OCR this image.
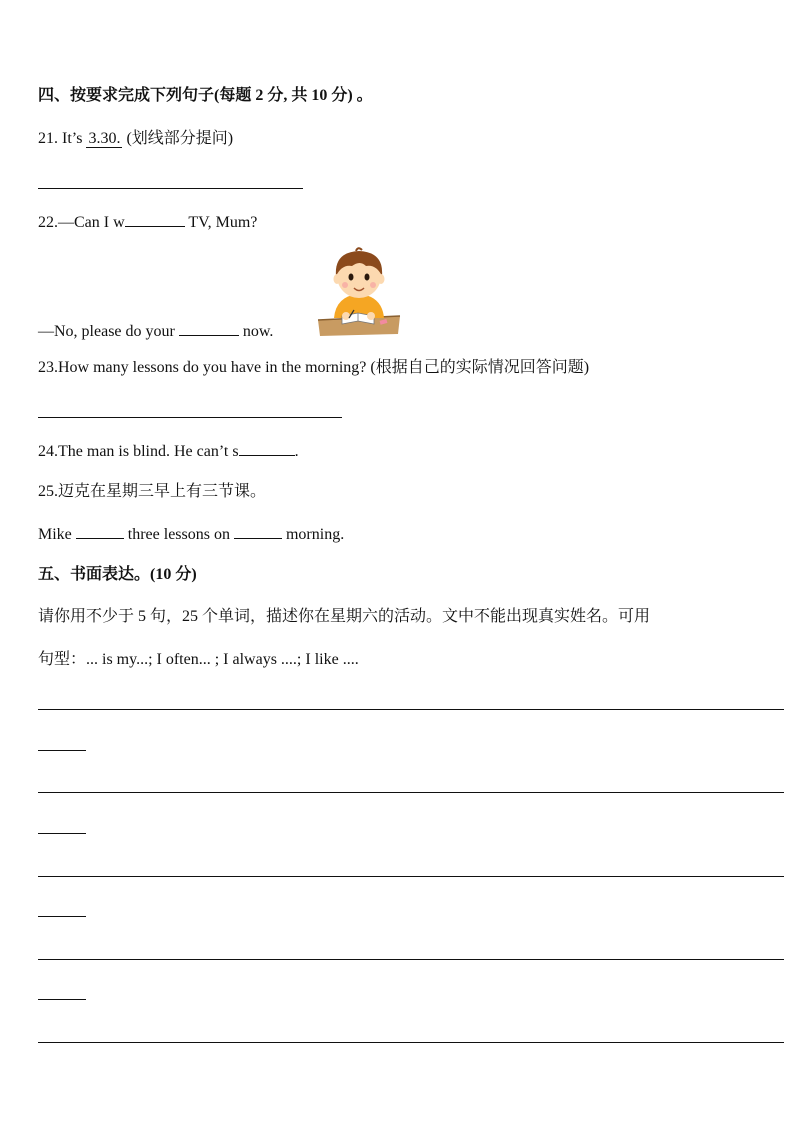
四、按要求完成下列句子(每题 2 分, 共 10 分) 。
21. It’s 3.30. (划线部分提问)
22.—Can I w	TV, Mum?
—No, please do your	now.
23.How many lessons do you have in the morning? (根据自己的实际情况回答问题)
24.The man is blind. He can’t s	.
25.迈克在星期三早上有三节课。
Mike	three lessons on	morning.
五、书面表达。(10 分)
请你用不少于 5 句，25 个单词，描述你在星期六的活动。文中不能出现真实姓名。可用
句型：... is my...; I often... ; I always ....; I like ....
